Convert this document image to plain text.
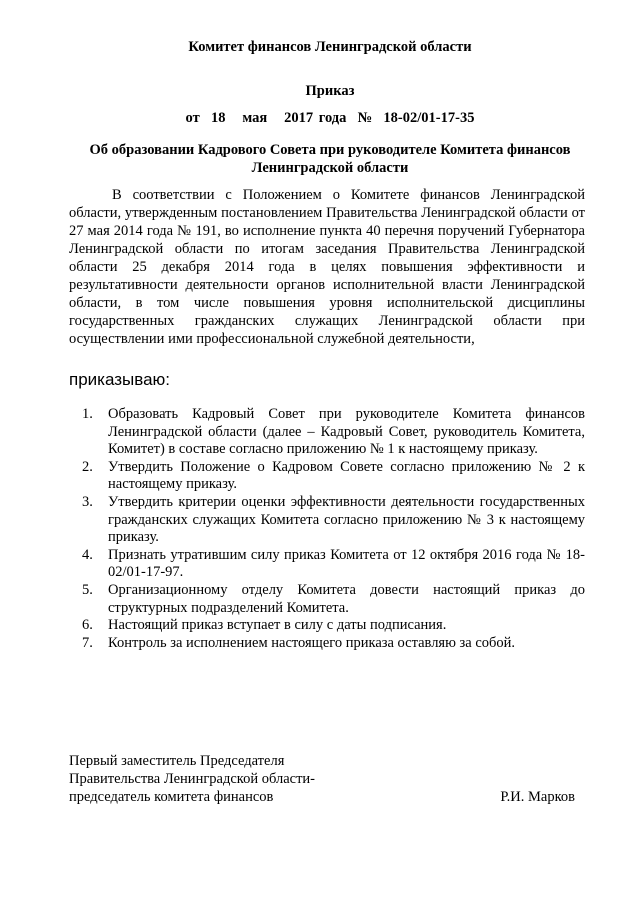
Комитет финансов Ленинградской области
Приказ
от  18   мая   2017 года  №  18-02/01-17-35
Об образовании Кадрового Совета при руководителе Комитета финансов
Ленинградской области
В соответствии с Положением о Комитете финансов Ленинградской области, утвержденным постановлением Правительства Ленинградской области от 27 мая 2014 года № 191, во исполнение пункта 40 перечня поручений Губернатора Ленинградской области по итогам заседания Правительства Ленинградской области 25 декабря 2014 года в целях повышения эффективности и результативности деятельности органов исполнительной власти Ленинградской области, в том числе повышения уровня исполнительской дисциплины государственных гражданских служащих Ленинградской области при осуществлении ими профессиональной служебной деятельности,
приказываю:
1. Образовать Кадровый Совет при руководителе Комитета финансов Ленинградской области (далее – Кадровый Совет, руководитель Комитета, Комитет) в составе согласно приложению № 1 к настоящему приказу.
2. Утвердить Положение о Кадровом Совете согласно приложению № 2 к настоящему приказу.
3. Утвердить критерии оценки эффективности деятельности государственных гражданских служащих Комитета согласно приложению № 3 к настоящему приказу.
4. Признать утратившим силу приказ Комитета от 12 октября 2016 года № 18-02/01-17-97.
5. Организационному отделу Комитета довести настоящий приказ до структурных подразделений Комитета.
6. Настоящий приказ вступает в силу с даты подписания.
7. Контроль за исполнением настоящего приказа оставляю за собой.
Первый заместитель Председателя
Правительства Ленинградской области-
председатель комитета финансов	Р.И. Марков
